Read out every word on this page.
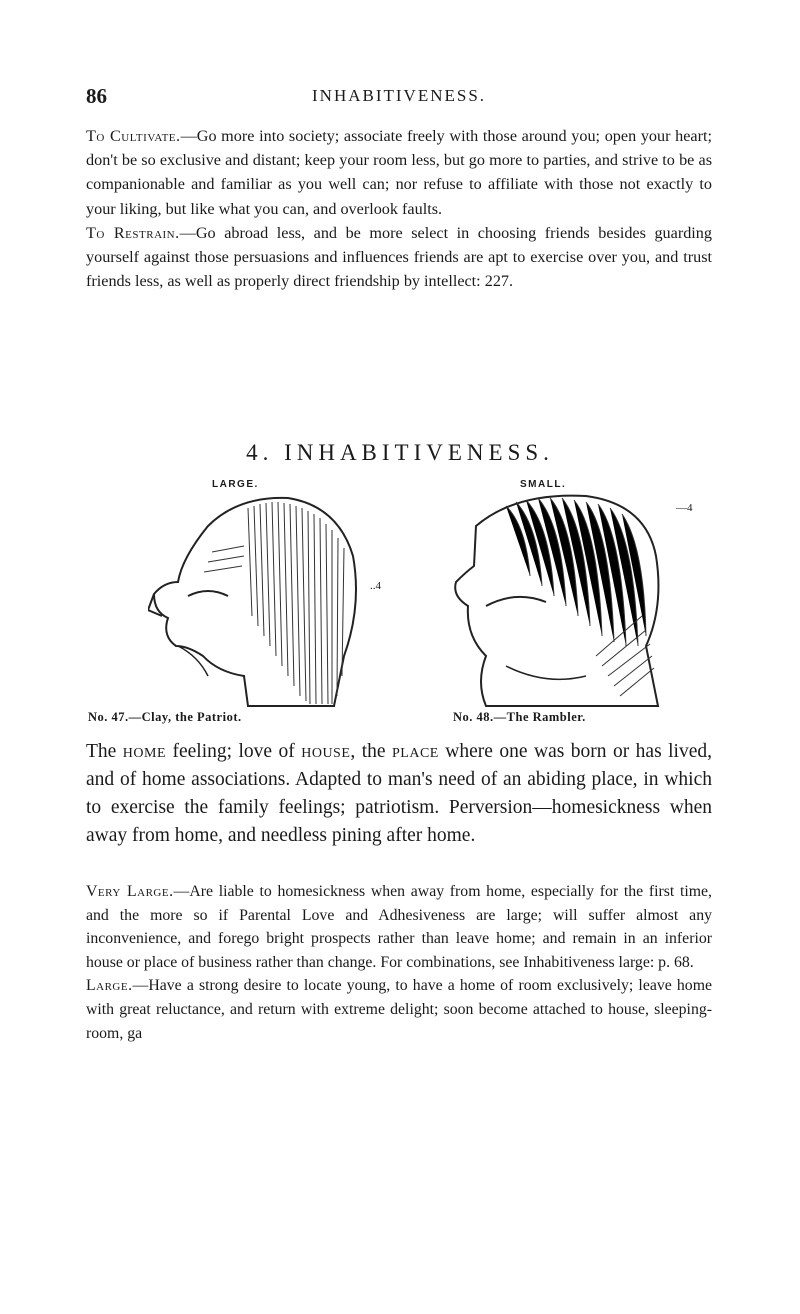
86	INHABITIVENESS.

To Cultivate.—Go more into society; associate freely with those around you; open your heart; don't be so exclusive and distant; keep your room less, but go more to parties, and strive to be as companionable and familiar as you well can; nor refuse to affiliate with those not exactly to your liking, but like what you can, and overlook faults.

To Restrain.—Go abroad less, and be more select in choosing friends besides guarding yourself against those persuasions and influences friends are apt to exercise over you, and trust friends less, as well as properly direct friendship by intellect: 227.

4. INHABITIVENESS.
LARGE.	SMALL.
..4
—4
No. 47.—Clay, the Patriot.	No. 48.—The Rambler.

The home feeling; love of house, the place where one was born or has lived, and of home associations. Adapted to man's need of an abiding place, in which to exercise the family feelings; patriotism. Perversion—homesickness when away from home, and needless pining after home.

Very Large.—Are liable to homesickness when away from home, especially for the first time, and the more so if Parental Love and Adhesiveness are large; will suffer almost any inconvenience, and forego bright prospects rather than leave home; and remain in an inferior house or place of business rather than change. For combinations, see Inhabitiveness large: p. 68.

Large.—Have a strong desire to locate young, to have a home of room exclusively; leave home with great reluctance, and return with extreme delight; soon become attached to house, sleeping-room, ga
